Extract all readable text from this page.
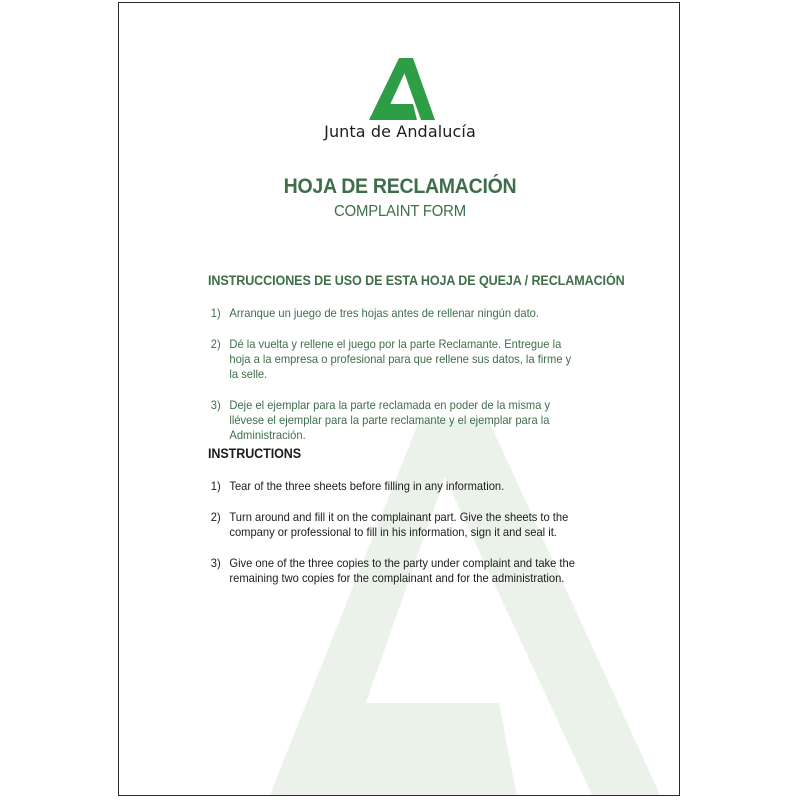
Junta de Andalucía
HOJA DE RECLAMACIÓN
COMPLAINT FORM
INSTRUCCIONES DE USO DE ESTA HOJA DE QUEJA / RECLAMACIÓN
1) Arranque un juego de tres hojas antes de rellenar ningún dato.
2) Dé la vuelta y rellene el juego por la parte Reclamante. Entregue la hoja a la empresa o profesional para que rellene sus datos, la firme y la selle.
3) Deje el ejemplar para la parte reclamada en poder de la misma y llévese el ejemplar para la parte reclamante y el ejemplar para la Administración.
INSTRUCTIONS
1) Tear of the three sheets before filling in any information.
2) Turn around and fill it on the complainant part. Give the sheets to the company or professional to fill in his information, sign it and seal it.
3) Give one of the three copies to the party under complaint and take the remaining two copies for the complainant and for the administration.
